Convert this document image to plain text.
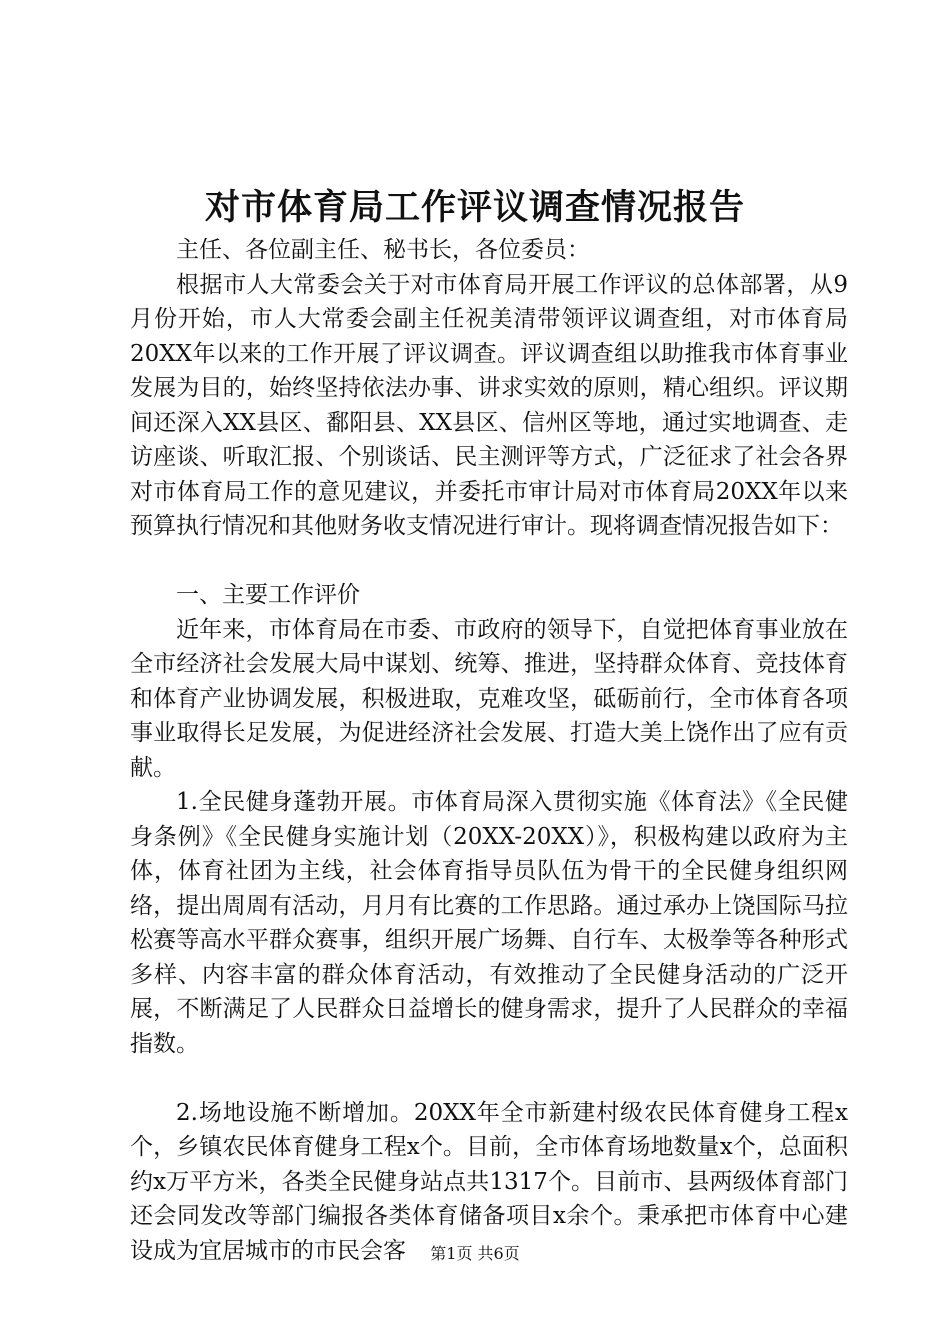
对市体育局工作评议调查情况报告

主任、各位副主任、秘书长，各位委员：

根据市人大常委会关于对市体育局开展工作评议的总体部署，从9月份开始，市人大常委会副主任祝美清带领评议调查组，对市体育局20XX年以来的工作开展了评议调查。评议调查组以助推我市体育事业发展为目的，始终坚持依法办事、讲求实效的原则，精心组织。评议期间还深入XX县区、鄱阳县、XX县区、信州区等地，通过实地调查、走访座谈、听取汇报、个别谈话、民主测评等方式，广泛征求了社会各界对市体育局工作的意见建议，并委托市审计局对市体育局20XX年以来预算执行情况和其他财务收支情况进行审计。现将调查情况报告如下：

一、主要工作评价

近年来，市体育局在市委、市政府的领导下，自觉把体育事业放在全市经济社会发展大局中谋划、统筹、推进，坚持群众体育、竞技体育和体育产业协调发展，积极进取，克难攻坚，砥砺前行，全市体育各项事业取得长足发展，为促进经济社会发展、打造大美上饶作出了应有贡献。

1.全民健身蓬勃开展。市体育局深入贯彻实施《体育法》《全民健身条例》《全民健身实施计划（20XX-20XX）》，积极构建以政府为主体，体育社团为主线，社会体育指导员队伍为骨干的全民健身组织网络，提出周周有活动，月月有比赛的工作思路。通过承办上饶国际马拉松赛等高水平群众赛事，组织开展广场舞、自行车、太极拳等各种形式多样、内容丰富的群众体育活动，有效推动了全民健身活动的广泛开展，不断满足了人民群众日益增长的健身需求，提升了人民群众的幸福指数。

2.场地设施不断增加。20XX年全市新建村级农民体育健身工程x个，乡镇农民体育健身工程x个。目前，全市体育场地数量x个，总面积约x万平方米，各类全民健身站点共1317个。目前市、县两级体育部门还会同发改等部门编报各类体育储备项目x余个。秉承把市体育中心建设成为宜居城市的市民会客	第1页 共6页
